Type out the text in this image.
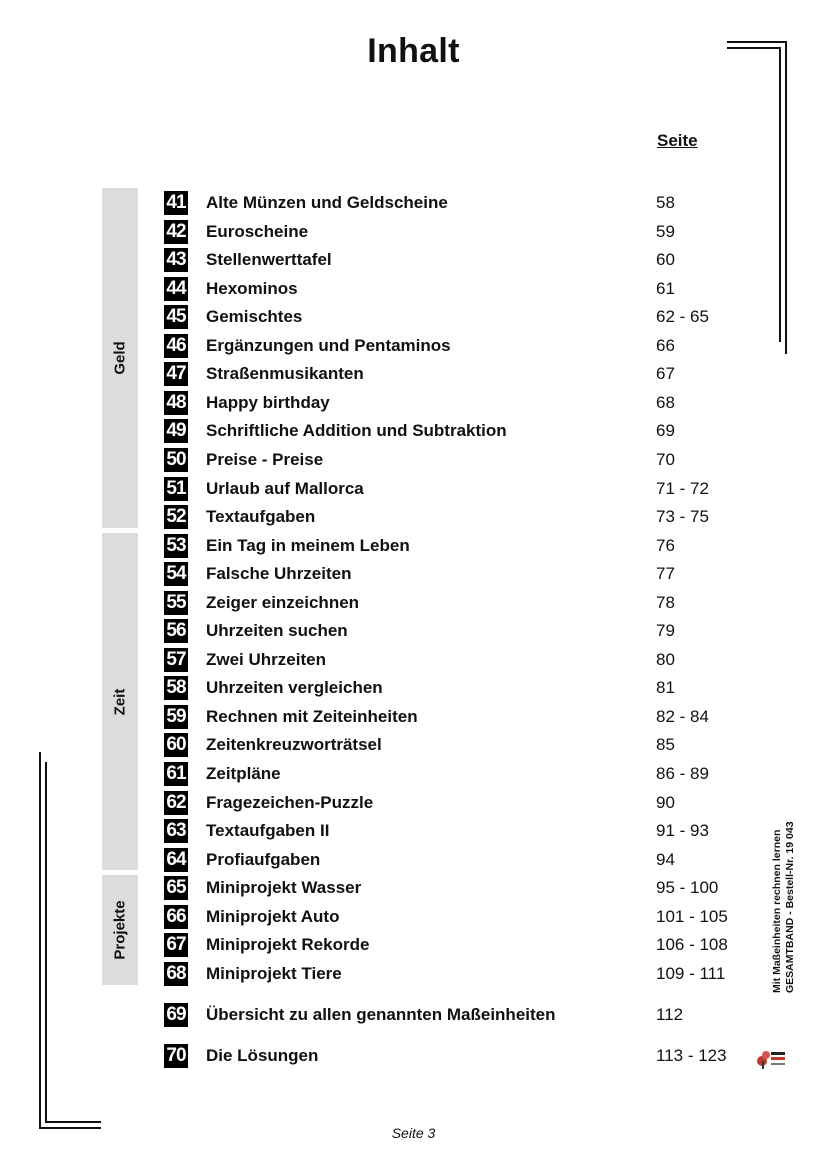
Inhalt
Seite
Geld
Zeit
Projekte
41 Alte Münzen und Geldscheine	58
42 Euroscheine	59
43 Stellenwerttafel	60
44 Hexominos	61
45 Gemischtes	62 - 65
46 Ergänzungen und Pentaminos	66
47 Straßenmusikanten	67
48 Happy birthday	68
49 Schriftliche Addition und Subtraktion	69
50 Preise - Preise	70
51 Urlaub auf Mallorca	71 - 72
52 Textaufgaben	73 - 75
53 Ein Tag in meinem Leben	76
54 Falsche Uhrzeiten	77
55 Zeiger einzeichnen	78
56 Uhrzeiten suchen	79
57 Zwei Uhrzeiten	80
58 Uhrzeiten vergleichen	81
59 Rechnen mit Zeiteinheiten	82 - 84
60 Zeitenkreuzworträtsel	85
61 Zeitpläne	86 - 89
62 Fragezeichen-Puzzle	90
63 Textaufgaben II	91 - 93
64 Profiaufgaben	94
65 Miniprojekt Wasser	95 - 100
66 Miniprojekt Auto	101 - 105
67 Miniprojekt Rekorde	106 - 108
68 Miniprojekt Tiere	109 - 111
69 Übersicht zu allen genannten Maßeinheiten	112
70 Die Lösungen	113 - 123
Mit Maßeinheiten rechnen lernen GESAMTBAND - Bestell-Nr. 19 043
Seite 3
